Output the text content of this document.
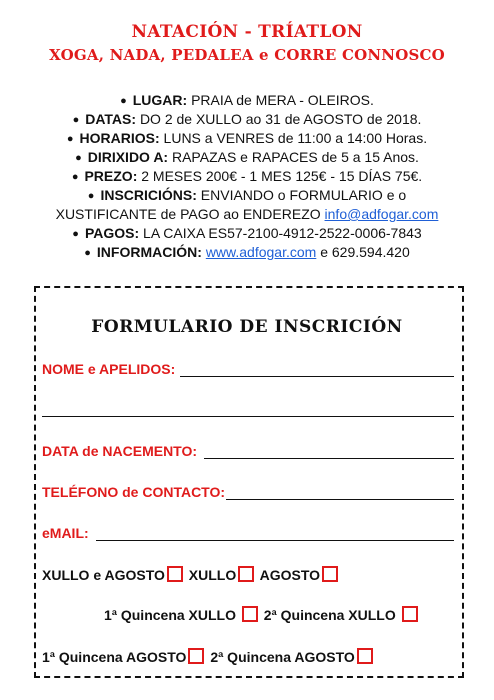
NATACIÓN - TRÍATLON
XOGA, NADA, PEDALEA e CORRE CONNOSCO
● LUGAR: PRAIA de MERA - OLEIROS.
● DATAS: DO 2 de XULLO ao 31 de AGOSTO de 2018.
● HORARIOS: LUNS a VENRES de 11:00 a 14:00 Horas.
● DIRIXIDO A: RAPAZAS e RAPACES de 5 a 15 Anos.
● PREZO: 2 MESES 200€ - 1 MES 125€ - 15 DÍAS 75€.
● INSCRICIÓNS: ENVIANDO o FORMULARIO e o
XUSTIFICANTE de PAGO ao ENDEREZO info@adfogar.com
● PAGOS: LA CAIXA ES57-2100-4912-2522-0006-7843
● INFORMACIÓN: www.adfogar.com e 629.594.420
FORMULARIO DE INSCRICIÓN
NOME e APELIDOS:
DATA de NACEMENTO:
TELÉFONO de CONTACTO:
eMAIL:
XULLO e AGOSTO XULLO AGOSTO
1ª Quincena XULLO 2ª Quincena XULLO
1ª Quincena AGOSTO 2ª Quincena AGOSTO
